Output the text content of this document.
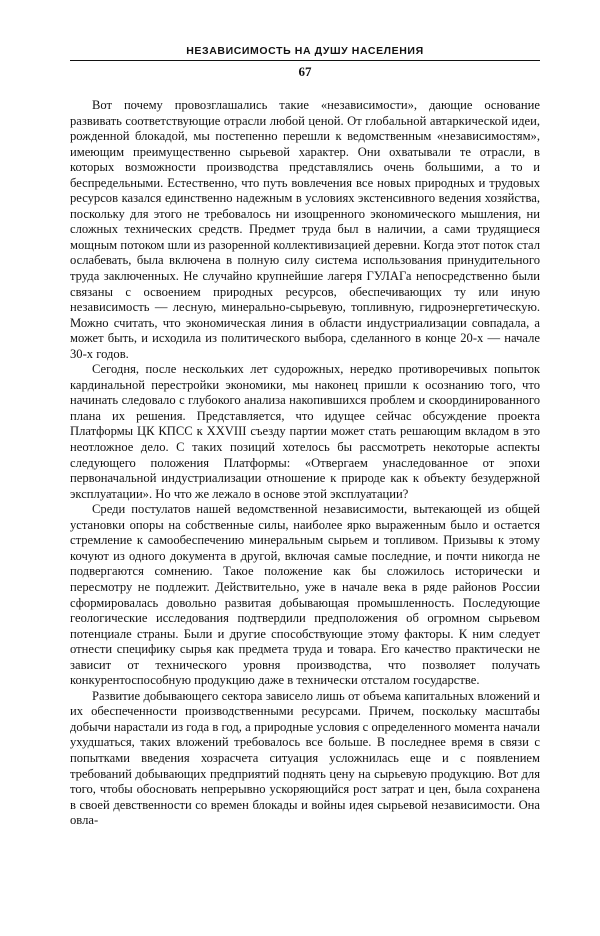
НЕЗАВИСИМОСТЬ НА ДУШУ НАСЕЛЕНИЯ
67

Вот почему провозглашались такие «независимости», дающие основание развивать соответствующие отрасли любой ценой. От глобальной автаркической идеи, рожденной блокадой, мы постепенно перешли к ведомственным «независимостям», имеющим преимущественно сырьевой характер. Они охватывали те отрасли, в которых возможности производства представлялись очень большими, а то и беспредельными. Естественно, что путь вовлечения все новых природных и трудовых ресурсов казался единственно надежным в условиях экстенсивного ведения хозяйства, поскольку для этого не требовалось ни изощренного экономического мышления, ни сложных технических средств. Предмет труда был в наличии, а сами трудящиеся мощным потоком шли из разоренной коллективизацией деревни. Когда этот поток стал ослабевать, была включена в полную силу система использования принудительного труда заключенных. Не случайно крупнейшие лагеря ГУЛАГа непосредственно были связаны с освоением природных ресурсов, обеспечивающих ту или иную независимость — лесную, минерально-сырьевую, топливную, гидроэнергетическую. Можно считать, что экономическая линия в области индустриализации совпадала, а может быть, и исходила из политического выбора, сделанного в конце 20-х — начале 30-х годов.

Сегодня, после нескольких лет судорожных, нередко противоречивых попыток кардинальной перестройки экономики, мы наконец пришли к осознанию того, что начинать следовало с глубокого анализа накопившихся проблем и скоординированного плана их решения. Представляется, что идущее сейчас обсуждение проекта Платформы ЦК КПСС к XXVIII съезду партии может стать решающим вкладом в это неотложное дело. С таких позиций хотелось бы рассмотреть некоторые аспекты следующего положения Платформы: «Отвергаем унаследованное от эпохи первоначальной индустриализации отношение к природе как к объекту безудержной эксплуатации». Но что же лежало в основе этой эксплуатации?

Среди постулатов нашей ведомственной независимости, вытекающей из общей установки опоры на собственные силы, наиболее ярко выраженным было и остается стремление к самообеспечению минеральным сырьем и топливом. Призывы к этому кочуют из одного документа в другой, включая самые последние, и почти никогда не подвергаются сомнению. Такое положение как бы сложилось исторически и пересмотру не подлежит. Действительно, уже в начале века в ряде районов России сформировалась довольно развитая добывающая промышленность. Последующие геологические исследования подтвердили предположения об огромном сырьевом потенциале страны. Были и другие способствующие этому факторы. К ним следует отнести специфику сырья как предмета труда и товара. Его качество практически не зависит от технического уровня производства, что позволяет получать конкурентоспособную продукцию даже в технически отсталом государстве.

Развитие добывающего сектора зависело лишь от объема капитальных вложений и их обеспеченности производственными ресурсами. Причем, поскольку масштабы добычи нарастали из года в год, а природные условия с определенного момента начали ухудшаться, таких вложений требовалось все больше. В последнее время в связи с попытками введения хозрасчета ситуация усложнилась еще и с появлением требований добывающих предприятий поднять цену на сырьевую продукцию. Вот для того, чтобы обосновать непрерывно ускоряющийся рост затрат и цен, была сохранена в своей девственности со времен блокады и войны идея сырьевой независимости. Она овла-
